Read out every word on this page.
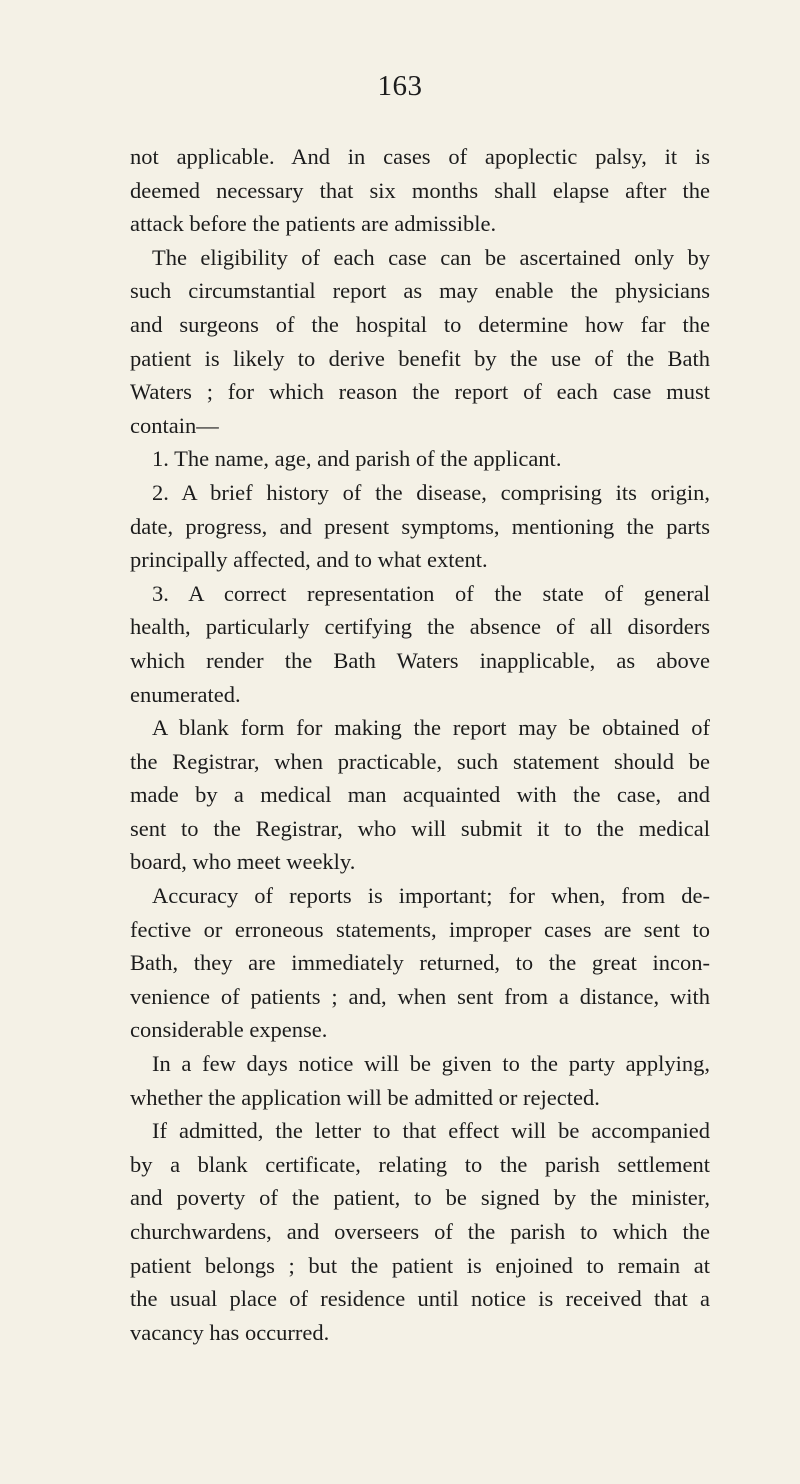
163

not applicable. And in cases of apoplectic palsy, it is
deemed necessary that six months shall elapse after the
attack before the patients are admissible.

The eligibility of each case can be ascertained only by
such circumstantial report as may enable the physicians
and surgeons of the hospital to determine how far the
patient is likely to derive benefit by the use of the Bath
Waters ; for which reason the report of each case must
contain—

1. The name, age, and parish of the applicant.

2. A brief history of the disease, comprising its origin,
date, progress, and present symptoms, mentioning the parts
principally affected, and to what extent.

3. A correct representation of the state of general
health, particularly certifying the absence of all disorders
which render the Bath Waters inapplicable, as above
enumerated.

A blank form for making the report may be obtained of
the Registrar, when practicable, such statement should be
made by a medical man acquainted with the case, and
sent to the Registrar, who will submit it to the medical
board, who meet weekly.

Accuracy of reports is important; for when, from de-
fective or erroneous statements, improper cases are sent to
Bath, they are immediately returned, to the great incon-
venience of patients ; and, when sent from a distance, with
considerable expense.

In a few days notice will be given to the party applying,
whether the application will be admitted or rejected.

If admitted, the letter to that effect will be accompanied
by a blank certificate, relating to the parish settlement
and poverty of the patient, to be signed by the minister,
churchwardens, and overseers of the parish to which the
patient belongs ; but the patient is enjoined to remain at
the usual place of residence until notice is received that a
vacancy has occurred.
